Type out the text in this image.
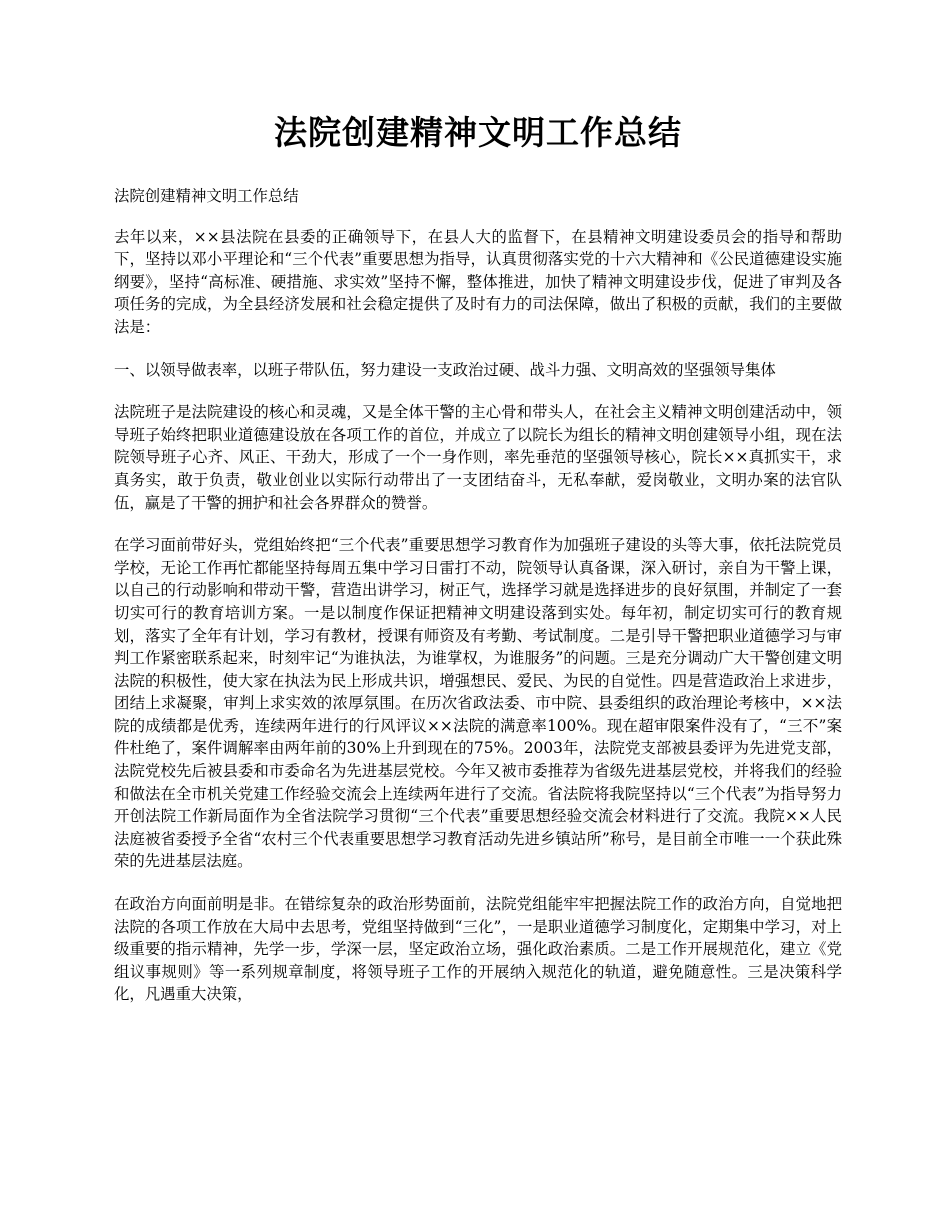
法院创建精神文明工作总结

法院创建精神文明工作总结

去年以来，××县法院在县委的正确领导下，在县人大的监督下，在县精神文明建设委员会的指导和帮助下，坚持以邓小平理论和“三个代表”重要思想为指导，认真贯彻落实党的十六大精神和《公民道德建设实施纲要》，坚持“高标准、硬措施、求实效”坚持不懈，整体推进，加快了精神文明建设步伐，促进了审判及各项任务的完成，为全县经济发展和社会稳定提供了及时有力的司法保障，做出了积极的贡献，我们的主要做法是：

一、以领导做表率，以班子带队伍，努力建设一支政治过硬、战斗力强、文明高效的坚强领导集体

法院班子是法院建设的核心和灵魂，又是全体干警的主心骨和带头人，在社会主义精神文明创建活动中，领导班子始终把职业道德建设放在各项工作的首位，并成立了以院长为组长的精神文明创建领导小组，现在法院领导班子心齐、风正、干劲大，形成了一个一身作则，率先垂范的坚强领导核心，院长××真抓实干，求真务实，敢于负责，敬业创业以实际行动带出了一支团结奋斗，无私奉献，爱岗敬业，文明办案的法官队伍，赢是了干警的拥护和社会各界群众的赞誉。

在学习面前带好头，党组始终把“三个代表”重要思想学习教育作为加强班子建设的头等大事，依托法院党员学校，无论工作再忙都能坚持每周五集中学习日雷打不动，院领导认真备课，深入研讨，亲自为干警上课，以自己的行动影响和带动干警，营造出讲学习，树正气，选择学习就是选择进步的良好氛围，并制定了一套切实可行的教育培训方案。一是以制度作保证把精神文明建设落到实处。每年初，制定切实可行的教育规划，落实了全年有计划，学习有教材，授课有师资及有考勤、考试制度。二是引导干警把职业道德学习与审判工作紧密联系起来，时刻牢记“为谁执法，为谁掌权，为谁服务”的问题。三是充分调动广大干警创建文明法院的积极性，使大家在执法为民上形成共识，增强想民、爱民、为民的自觉性。四是营造政治上求进步，团结上求凝聚，审判上求实效的浓厚氛围。在历次省政法委、市中院、县委组织的政治理论考核中，××法院的成绩都是优秀，连续两年进行的行风评议××法院的满意率100%。现在超审限案件没有了，“三不”案件杜绝了，案件调解率由两年前的30%上升到现在的75%。2003年，法院党支部被县委评为先进党支部，法院党校先后被县委和市委命名为先进基层党校。今年又被市委推荐为省级先进基层党校，并将我们的经验和做法在全市机关党建工作经验交流会上连续两年进行了交流。省法院将我院坚持以“三个代表”为指导努力开创法院工作新局面作为全省法院学习贯彻“三个代表”重要思想经验交流会材料进行了交流。我院××人民法庭被省委授予全省“农村三个代表重要思想学习教育活动先进乡镇站所”称号，是目前全市唯一一个获此殊荣的先进基层法庭。

在政治方向面前明是非。在错综复杂的政治形势面前，法院党组能牢牢把握法院工作的政治方向，自觉地把法院的各项工作放在大局中去思考，党组坚持做到“三化”，一是职业道德学习制度化，定期集中学习，对上级重要的指示精神，先学一步，学深一层，坚定政治立场，强化政治素质。二是工作开展规范化，建立《党组议事规则》等一系列规章制度，将领导班子工作的开展纳入规范化的轨道，避免随意性。三是决策科学化，凡遇重大决策，
